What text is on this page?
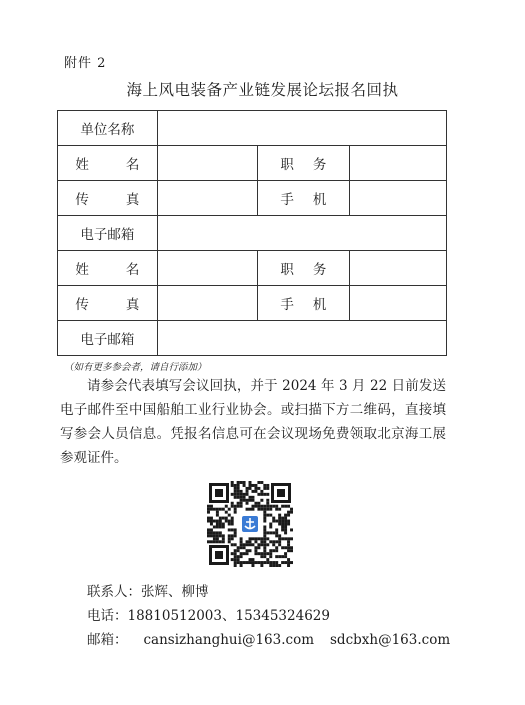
附件 2
海上风电装备产业链发展论坛报名回执
单位名称			
姓 名		职 务	
传 真		手 机	
电子邮箱			
姓 名		职 务	
传 真		手 机	
电子邮箱			
（如有更多参会者，请自行添加）
请参会代表填写会议回执，并于 2024 年 3 月 22 日前发送电子邮件至中国船舶工业行业协会。或扫描下方二维码，直接填写参会人员信息。凭报名信息可在会议现场免费领取北京海工展参观证件。
联系人：张辉、柳博
电话：18810512003、15345324629
邮箱： cansizhanghui@163.com sdcbxh@163.com
